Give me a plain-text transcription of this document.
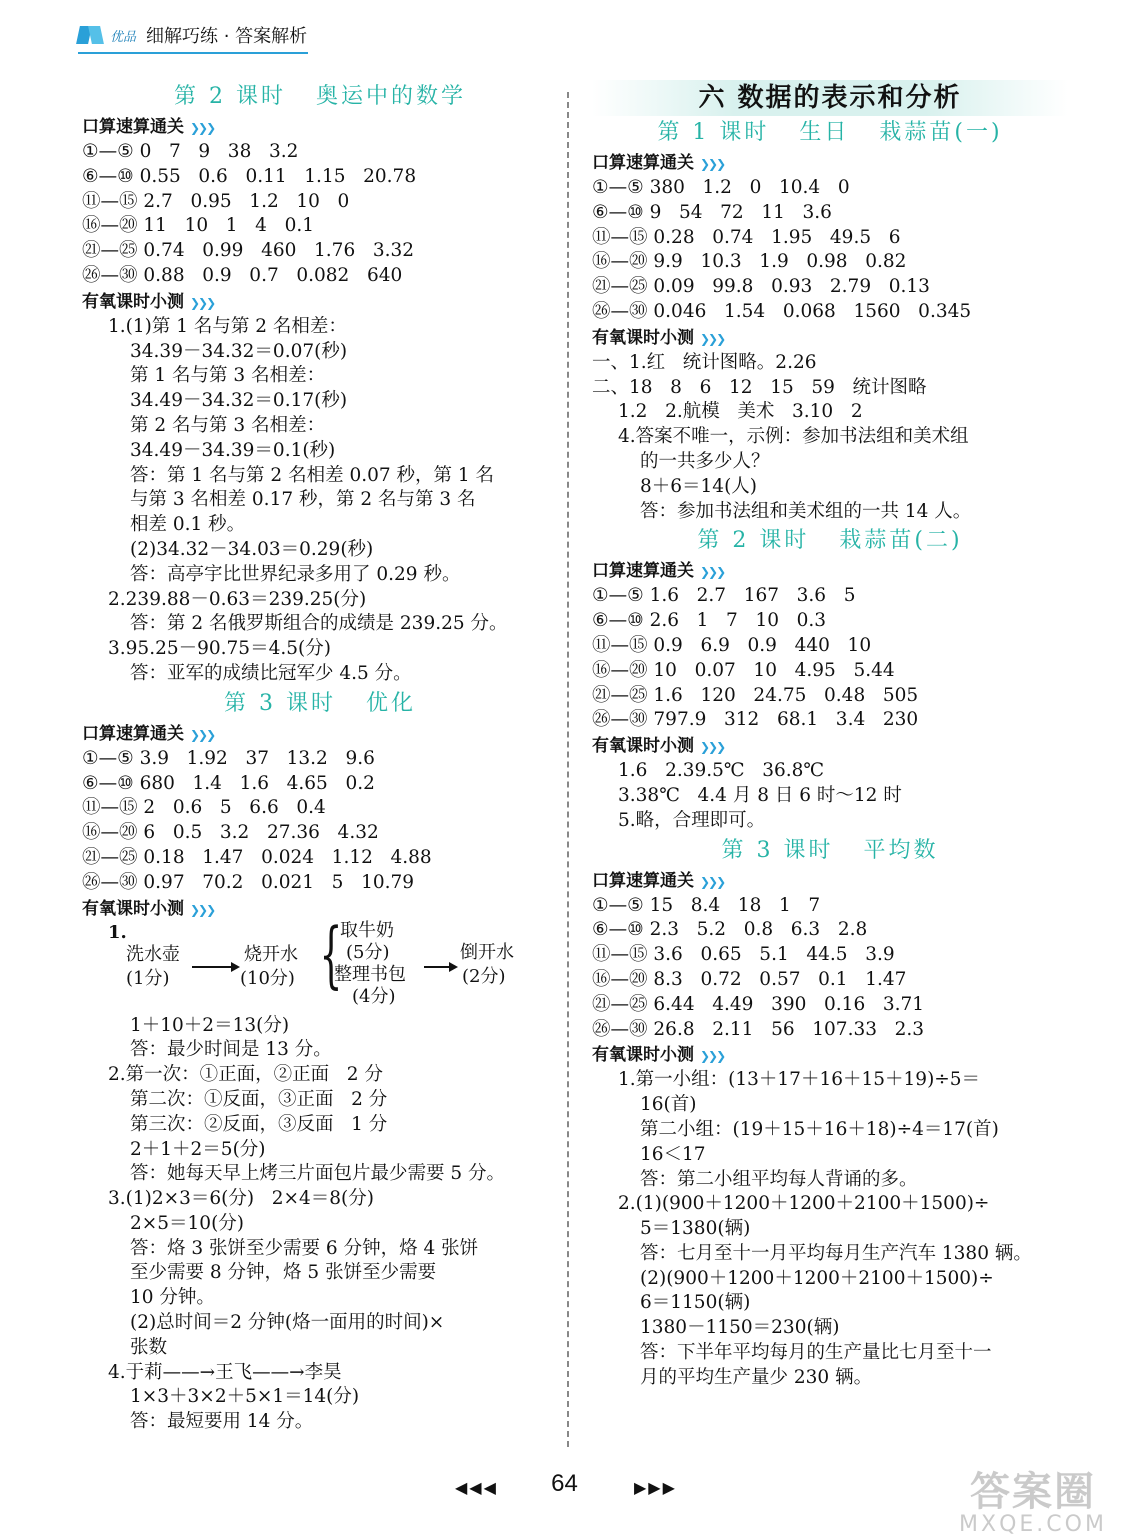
优品 细解巧练 · 答案解析
第 2 课时   奥运中的数学
口算速算通关 ❯❯❯
①—⑤ 0   7   9   38   3.2
⑥—⑩ 0.55   0.6   0.11   1.15   20.78
⑪—⑮ 2.7   0.95   1.2   10   0
⑯—⑳ 11   10   1   4   0.1
㉑—㉕ 0.74   0.99   460   1.76   3.32
㉖—㉚ 0.88   0.9   0.7   0.082   640
有氧课时小测 ❯❯❯
1.(1)第 1 名与第 2 名相差：
34.39－34.32＝0.07(秒)
第 1 名与第 3 名相差：
34.49－34.32＝0.17(秒)
第 2 名与第 3 名相差：
34.49－34.39＝0.1(秒)
答：第 1 名与第 2 名相差 0.07 秒，第 1 名
与第 3 名相差 0.17 秒，第 2 名与第 3 名
相差 0.1 秒。
(2)34.32－34.03＝0.29(秒)
答：高亭宇比世界纪录多用了 0.29 秒。
2.239.88－0.63＝239.25(分)
答：第 2 名俄罗斯组合的成绩是 239.25 分。
3.95.25－90.75＝4.5(分)
答：亚军的成绩比冠军少 4.5 分。
第 3 课时   优化
口算速算通关 ❯❯❯
①—⑤ 3.9   1.92   37   13.2   9.6
⑥—⑩ 680   1.4   1.6   4.65   0.2
⑪—⑮ 2   0.6   5   6.6   0.4
⑯—⑳ 6   0.5   3.2   27.36   4.32
㉑—㉕ 0.18   1.47   0.024   1.12   4.88
㉖—㉚ 0.97   70.2   0.021   5   10.79
有氧课时小测 ❯❯❯
1.
洗水壶
(1分)
烧开水
(10分) {
取牛奶
(5分)
整理书包
(4分)
倒开水
(2分)
1＋10＋2＝13(分)
答：最少时间是 13 分。
2.第一次：①正面，②正面   2 分
第二次：①反面，③正面   2 分
第三次：②反面，③反面   1 分
2＋1＋2＝5(分)
答：她每天早上烤三片面包片最少需要 5 分。
3.(1)2×3＝6(分)   2×4＝8(分)
2×5＝10(分)
答：烙 3 张饼至少需要 6 分钟，烙 4 张饼
至少需要 8 分钟，烙 5 张饼至少需要
10 分钟。
(2)总时间＝2 分钟(烙一面用的时间)×
张数
4.于莉——→王飞——→李昊
1×3＋3×2＋5×1＝14(分)
答：最短要用 14 分。
六 数据的表示和分析
第 1 课时   生日   栽蒜苗(一)
口算速算通关 ❯❯❯
①—⑤ 380   1.2   0   10.4   0
⑥—⑩ 9   54   72   11   3.6
⑪—⑮ 0.28   0.74   1.95   49.5   6
⑯—⑳ 9.9   10.3   1.9   0.98   0.82
㉑—㉕ 0.09   99.8   0.93   2.79   0.13
㉖—㉚ 0.046   1.54   0.068   1560   0.345
有氧课时小测 ❯❯❯
一、1.红   统计图略。2.26
二、18   8   6   12   15   59   统计图略
1.2   2.航模   美术   3.10   2
4.答案不唯一，示例：参加书法组和美术组
的一共多少人？
8＋6＝14(人)
答：参加书法组和美术组的一共 14 人。
第 2 课时   栽蒜苗(二)
口算速算通关 ❯❯❯
①—⑤ 1.6   2.7   167   3.6   5
⑥—⑩ 2.6   1   7   10   0.3
⑪—⑮ 0.9   6.9   0.9   440   10
⑯—⑳ 10   0.07   10   4.95   5.44
㉑—㉕ 1.6   120   24.75   0.48   505
㉖—㉚ 797.9   312   68.1   3.4   230
有氧课时小测 ❯❯❯
1.6   2.39.5℃   36.8℃
3.38℃   4.4 月 8 日 6 时～12 时
5.略，合理即可。
第 3 课时   平均数
口算速算通关 ❯❯❯
①—⑤ 15   8.4   18   1   7
⑥—⑩ 2.3   5.2   0.8   6.3   2.8
⑪—⑮ 3.6   0.65   5.1   44.5   3.9
⑯—⑳ 8.3   0.72   0.57   0.1   1.47
㉑—㉕ 6.44   4.49   390   0.16   3.71
㉖—㉚ 26.8   2.11   56   107.33   2.3
有氧课时小测 ❯❯❯
1.第一小组：(13＋17＋16＋15＋19)÷5＝
16(首)
第二小组：(19＋15＋16＋18)÷4＝17(首)
16＜17
答：第二小组平均每人背诵的多。
2.(1)(900＋1200＋1200＋2100＋1500)÷
5＝1380(辆)
答：七月至十一月平均每月生产汽车 1380 辆。
(2)(900＋1200＋1200＋2100＋1500)÷
6＝1150(辆)
1380－1150＝230(辆)
答：下半年平均每月的生产量比七月至十一
月的平均生产量少 230 辆。
◀◀◀	64	▶▶▶	答案圈
MXQE.COM
